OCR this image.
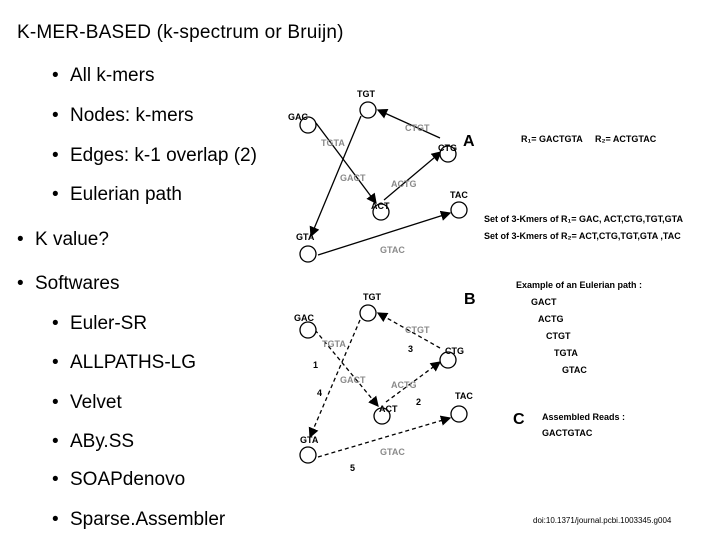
K-MER-BASED (k-spectrum or Bruijn)
• All k-mers
• Nodes: k-mers
• Edges: k-1 overlap (2)
• Eulerian path
• K value?
• Softwares
• Euler-SR
• ALLPATHS-LG
• Velvet
• ABy.SS
• SOAPdenovo
• Sparse.Assembler
TGT
GAC
CTG
ACT
TAC
GTA
CTGT
TGTA
GACT
ACTG
GTAC
TGT
GAC
CTG
ACT
TAC
GTA
CTGT
TGTA
GACT	ACTG
GTAC
1
2
3
4
5
A
B
C
R₁= GACTGTA     R₂= ACTGTAC
Set of 3-Kmers of R₁= GAC, ACT,CTG,TGT,GTA
Set of 3-Kmers of R₂= ACT,CTG,TGT,GTA ,TAC
Example of an Eulerian path :
GACT
ACTG
CTGT
TGTA
GTAC
Assembled Reads :
GACTGTAC
doi:10.1371/journal.pcbi.1003345.g004
